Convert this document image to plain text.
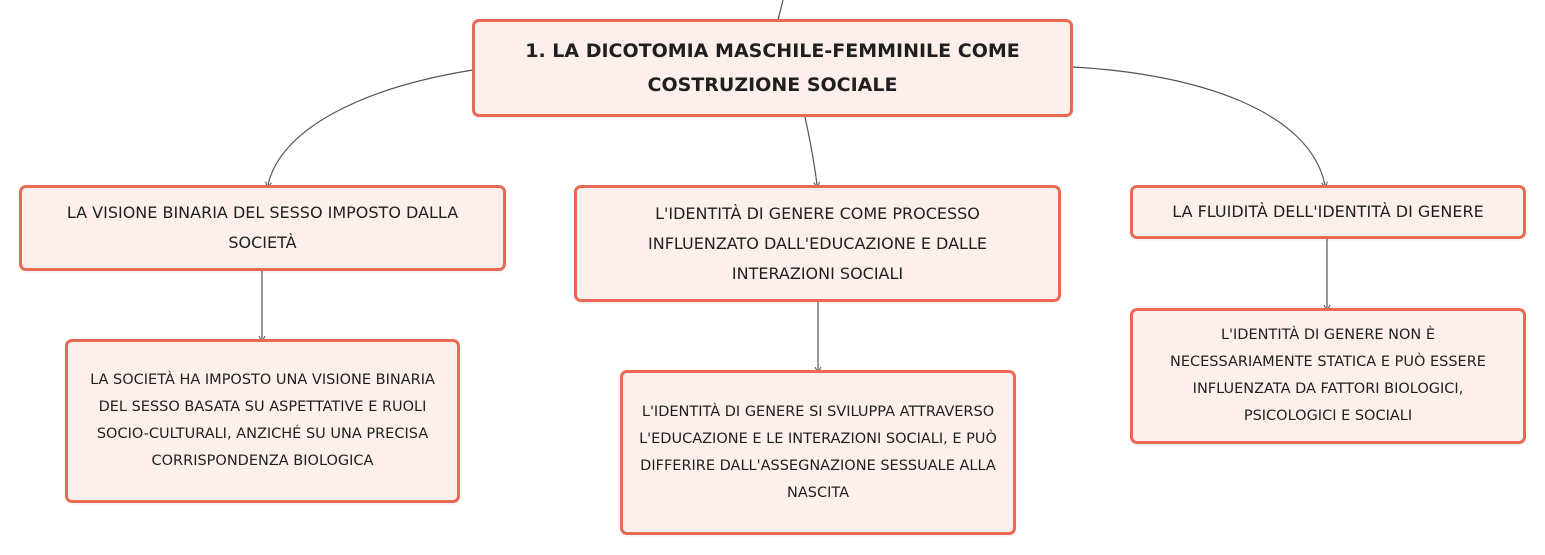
1. LA DICOTOMIA MASCHILE-FEMMINILE COME COSTRUZIONE SOCIALE
LA VISIONE BINARIA DEL SESSO IMPOSTO DALLA SOCIETÀ
L'IDENTITÀ DI GENERE COME PROCESSO INFLUENZATO DALL'EDUCAZIONE E DALLE INTERAZIONI SOCIALI
LA FLUIDITÀ DELL'IDENTITÀ DI GENERE
LA SOCIETÀ HA IMPOSTO UNA VISIONE BINARIA DEL SESSO BASATA SU ASPETTATIVE E RUOLI SOCIO-CULTURALI, ANZICHÉ SU UNA PRECISA CORRISPONDENZA BIOLOGICA
L'IDENTITÀ DI GENERE SI SVILUPPA ATTRAVERSO L'EDUCAZIONE E LE INTERAZIONI SOCIALI, E PUÒ DIFFERIRE DALL'ASSEGNAZIONE SESSUALE ALLA NASCITA
L'IDENTITÀ DI GENERE NON È NECESSARIAMENTE STATICA E PUÒ ESSERE INFLUENZATA DA FATTORI BIOLOGICI, PSICOLOGICI E SOCIALI
